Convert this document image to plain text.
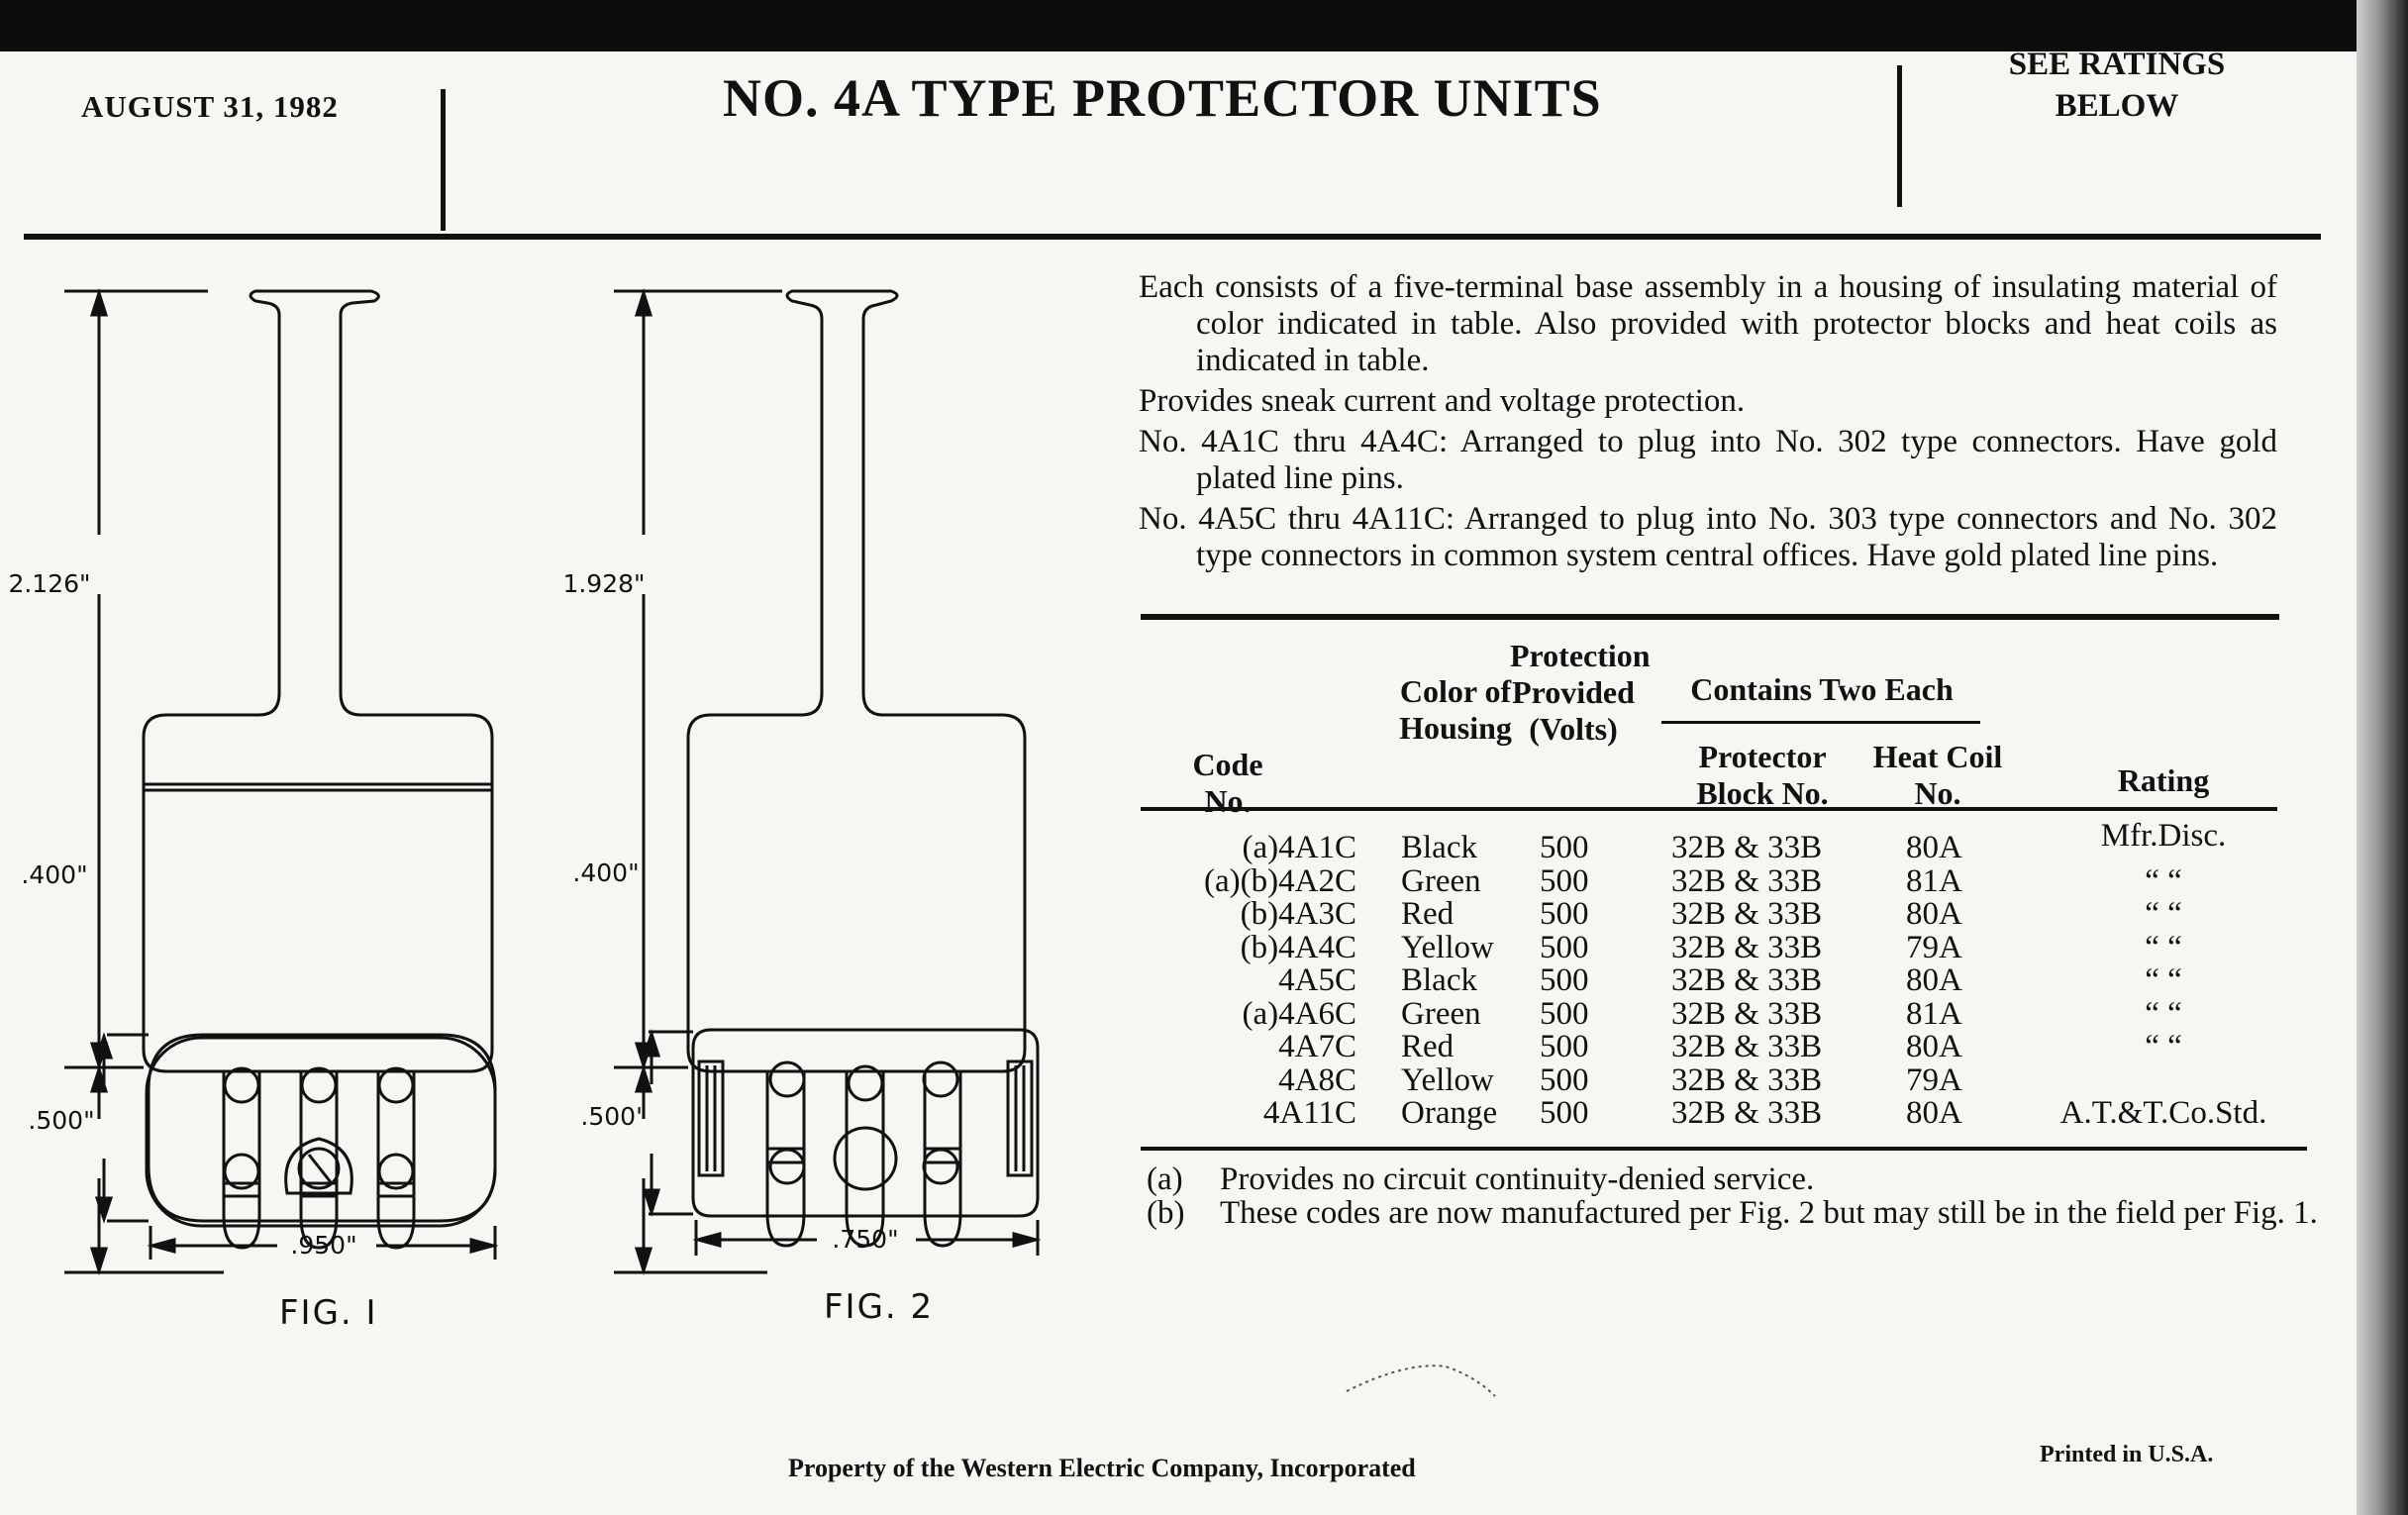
AUGUST 31, 1982	NO. 4A TYPE PROTECTOR UNITS
SEE RATINGS BELOW
2.126"
.400"
1.928"
.400"
.500"	.500"
.950"	.750"
FIG. I	FIG. 2

Each consists of a five-terminal base assembly in a housing of insulating material of color indicated in table. Also provided with protector blocks and heat coils as indicated in table.

Provides sneak current and voltage protection.

No. 4A1C thru 4A4C: Arranged to plug into No. 302 type connectors. Have gold plated line pins.

No. 4A5C thru 4A11C: Arranged to plug into No. 303 type connectors and No. 302 type connectors in common system central offices. Have gold plated line pins.

Code No.
Color of Housing
Protection Provided (Volts)
Contains Two Each
Protector Block No.
Heat Coil No.	Rating
(a)4A1C Black 500	32B & 33B	80A	Mfr.Disc.
(a)(b)4A2C Green 500	32B & 33B	81A	“ “
(b)4A3C Red	500	32B & 33B	80A	“ “
(b)4A4C Yellow 500	32B & 33B	79A	“ “
4A5C Black 500	32B & 33B	80A	“ “
(a)4A6C Green 500	32B & 33B	81A	“ “
4A7C Red	500	32B & 33B	80A	“ “
4A8C Yellow 500	32B & 33B	79A
4A11C Orange 500	32B & 33B	80A	A.T.&T.Co.Std.
(a) Provides no circuit continuity-denied service.
(b) These codes are now manufactured per Fig. 2 but may still be in the field per Fig. 1.
Property of the Western Electric Company, Incorporated	Printed in U.S.A.
